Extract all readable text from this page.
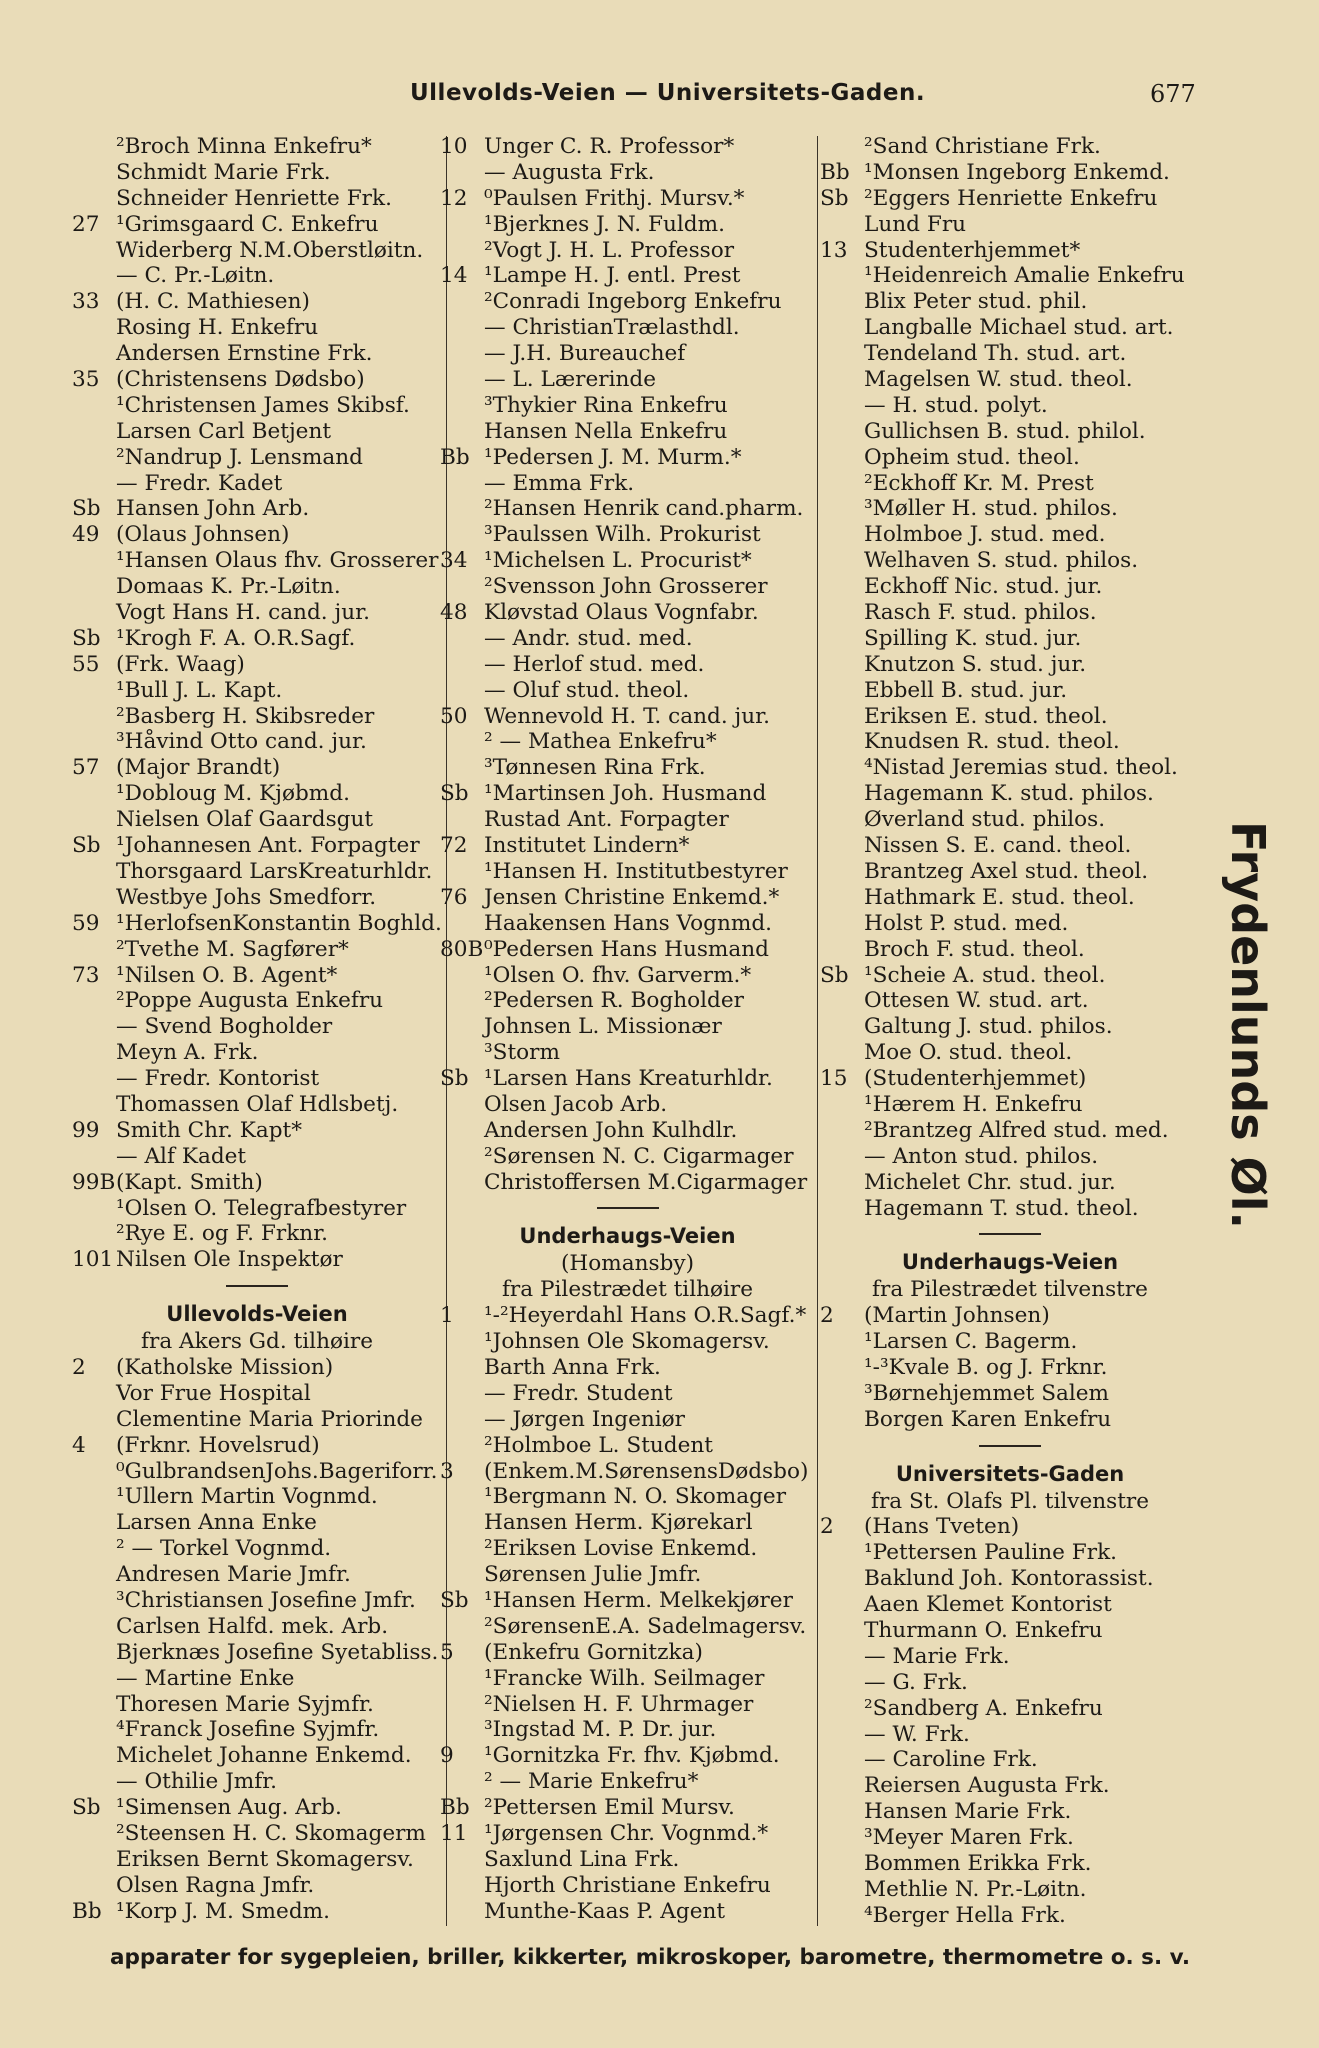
Ullevolds-Veien — Universitets-Gaden.	677
²Broch Minna Enkefru*
Schmidt Marie Frk.
Schneider Henriette Frk.
27 ¹Grimsgaard C. Enkefru
Widerberg N.M.Oberstløitn.
— C. Pr.-Løitn.
33 (H. C. Mathiesen)
Rosing H. Enkefru
Andersen Ernstine Frk.
35 (Christensens Dødsbo)
¹Christensen James Skibsf.
Larsen Carl Betjent
²Nandrup J. Lensmand
— Fredr. Kadet
Sb Hansen John Arb.
49 (Olaus Johnsen)
¹Hansen Olaus fhv. Grosserer
Domaas K. Pr.-Løitn.
Vogt Hans H. cand. jur.
Sb ¹Krogh F. A. O.R.Sagf.
55 (Frk. Waag)
¹Bull J. L. Kapt.
²Basberg H. Skibsreder
³Håvind Otto cand. jur.
57 (Major Brandt)
¹Dobloug M. Kjøbmd.
Nielsen Olaf Gaardsgut
Sb ¹Johannesen Ant. Forpagter
Thorsgaard LarsKreaturhldr.
Westbye Johs Smedforr.
59 ¹HerlofsenKonstantin Boghld.
²Tvethe M. Sagfører*
73 ¹Nilsen O. B. Agent*
²Poppe Augusta Enkefru
— Svend Bogholder
Meyn A. Frk.
— Fredr. Kontorist
Thomassen Olaf Hdlsbetj.
99 Smith Chr. Kapt*
— Alf Kadet
99B (Kapt. Smith)
¹Olsen O. Telegrafbestyrer
²Rye E. og F. Frknr.
101 Nilsen Ole Inspektør
Ullevolds-Veien
fra Akers Gd. tilhøire
2	(Katholske Mission)
Vor Frue Hospital
Clementine Maria Priorinde
4	(Frknr. Hovelsrud)
⁰GulbrandsenJohs.Bageriforr.
¹Ullern Martin Vognmd.
Larsen Anna Enke
² — Torkel Vognmd.
Andresen Marie Jmfr.
³Christiansen Josefine Jmfr.
Carlsen Halfd. mek. Arb.
Bjerknæs Josefine Syetabliss.
— Martine Enke
Thoresen Marie Syjmfr.
⁴Franck Josefine Syjmfr.
Michelet Johanne Enkemd.
— Othilie Jmfr.
Sb ¹Simensen Aug. Arb.
²Steensen H. C. Skomagerm
Eriksen Bernt Skomagersv.
Olsen Ragna Jmfr.
Bb ¹Korp J. M. Smedm.
10 Unger C. R. Professor*
— Augusta Frk.
12 ⁰Paulsen Frithj. Mursv.*
¹Bjerknes J. N. Fuldm.
²Vogt J. H. L. Professor
14 ¹Lampe H. J. entl. Prest
²Conradi Ingeborg Enkefru
— ChristianTrælasthdl.
— J.H. Bureauchef
— L. Lærerinde
³Thykier Rina Enkefru
Hansen Nella Enkefru
Bb ¹Pedersen J. M. Murm.*
— Emma Frk.
²Hansen Henrik cand.pharm.
³Paulssen Wilh. Prokurist
34 ¹Michelsen L. Procurist*
²Svensson John Grosserer
48 Kløvstad Olaus Vognfabr.
— Andr. stud. med.
— Herlof stud. med.
— Oluf stud. theol.
50 Wennevold H. T. cand. jur.
² — Mathea Enkefru*
³Tønnesen Rina Frk.
Sb ¹Martinsen Joh. Husmand
Rustad Ant. Forpagter
72 Institutet Lindern*
¹Hansen H. Institutbestyrer
76 Jensen Christine Enkemd.*
Haakensen Hans Vognmd.
80B ⁰Pedersen Hans Husmand
¹Olsen O. fhv. Garverm.*
²Pedersen R. Bogholder
Johnsen L. Missionær
³Storm
Sb ¹Larsen Hans Kreaturhldr.
Olsen Jacob Arb.
Andersen John Kulhdlr.
²Sørensen N. C. Cigarmager
Christoffersen M.Cigarmager
Underhaugs-Veien
(Homansby)
fra Pilestrædet tilhøire
1	¹-²Heyerdahl Hans O.R.Sagf.*
¹Johnsen Ole Skomagersv.
Barth Anna Frk.
— Fredr. Student
— Jørgen Ingeniør
²Holmboe L. Student
3	(Enkem.M.SørensensDødsbo)
¹Bergmann N. O. Skomager
Hansen Herm. Kjørekarl
²Eriksen Lovise Enkemd.
Sørensen Julie Jmfr.
Sb ¹Hansen Herm. Melkekjører
²SørensenE.A. Sadelmagersv.
5	(Enkefru Gornitzka)
¹Francke Wilh. Seilmager
²Nielsen H. F. Uhrmager
³Ingstad M. P. Dr. jur.
9	¹Gornitzka Fr. fhv. Kjøbmd.
² — Marie Enkefru*
Bb ²Pettersen Emil Mursv.
11 ¹Jørgensen Chr. Vognmd.*
Saxlund Lina Frk.
Hjorth Christiane Enkefru
Munthe-Kaas P. Agent
²Sand Christiane Frk.
Bb ¹Monsen Ingeborg Enkemd.
Sb ²Eggers Henriette Enkefru
Lund Fru
13 Studenterhjemmet*
¹Heidenreich Amalie Enkefru
Blix Peter stud. phil.
Langballe Michael stud. art.
Tendeland Th. stud. art.
Magelsen W. stud. theol.
— H. stud. polyt.
Gullichsen B. stud. philol.
Opheim stud. theol.
²Eckhoff Kr. M. Prest
³Møller H. stud. philos.
Holmboe J. stud. med.
Welhaven S. stud. philos.
Eckhoff Nic. stud. jur.
Rasch F. stud. philos.
Spilling K. stud. jur.
Knutzon S. stud. jur.
Ebbell B. stud. jur.
Eriksen E. stud. theol.
Knudsen R. stud. theol.
⁴Nistad Jeremias stud. theol.
Hagemann K. stud. philos.
Øverland stud. philos.
Nissen S. E. cand. theol.
Brantzeg Axel stud. theol.
Hathmark E. stud. theol.
Holst P. stud. med.
Broch F. stud. theol.
Sb ¹Scheie A. stud. theol.
Ottesen W. stud. art.
Galtung J. stud. philos.
Moe O. stud. theol.
15 (Studenterhjemmet)
¹Hærem H. Enkefru
²Brantzeg Alfred stud. med.
— Anton stud. philos.
Michelet Chr. stud. jur.
Hagemann T. stud. theol.
Underhaugs-Veien
fra Pilestrædet tilvenstre
2	(Martin Johnsen)
¹Larsen C. Bagerm.
¹-³Kvale B. og J. Frknr.
³Børnehjemmet Salem
Borgen Karen Enkefru
Universitets-Gaden
fra St. Olafs Pl. tilvenstre
2	(Hans Tveten)
¹Pettersen Pauline Frk.
Baklund Joh. Kontorassist.
Aaen Klemet Kontorist
Thurmann O. Enkefru
— Marie Frk.
— G. Frk.
²Sandberg A. Enkefru
— W. Frk.
— Caroline Frk.
Reiersen Augusta Frk.
Hansen Marie Frk.
³Meyer Maren Frk.
Bommen Erikka Frk.
Methlie N. Pr.-Løitn.
⁴Berger Hella Frk.
Frydenlunds Øl.
apparater for sygepleien, briller, kikkerter, mikroskoper, barometre, thermometre o. s. v.
